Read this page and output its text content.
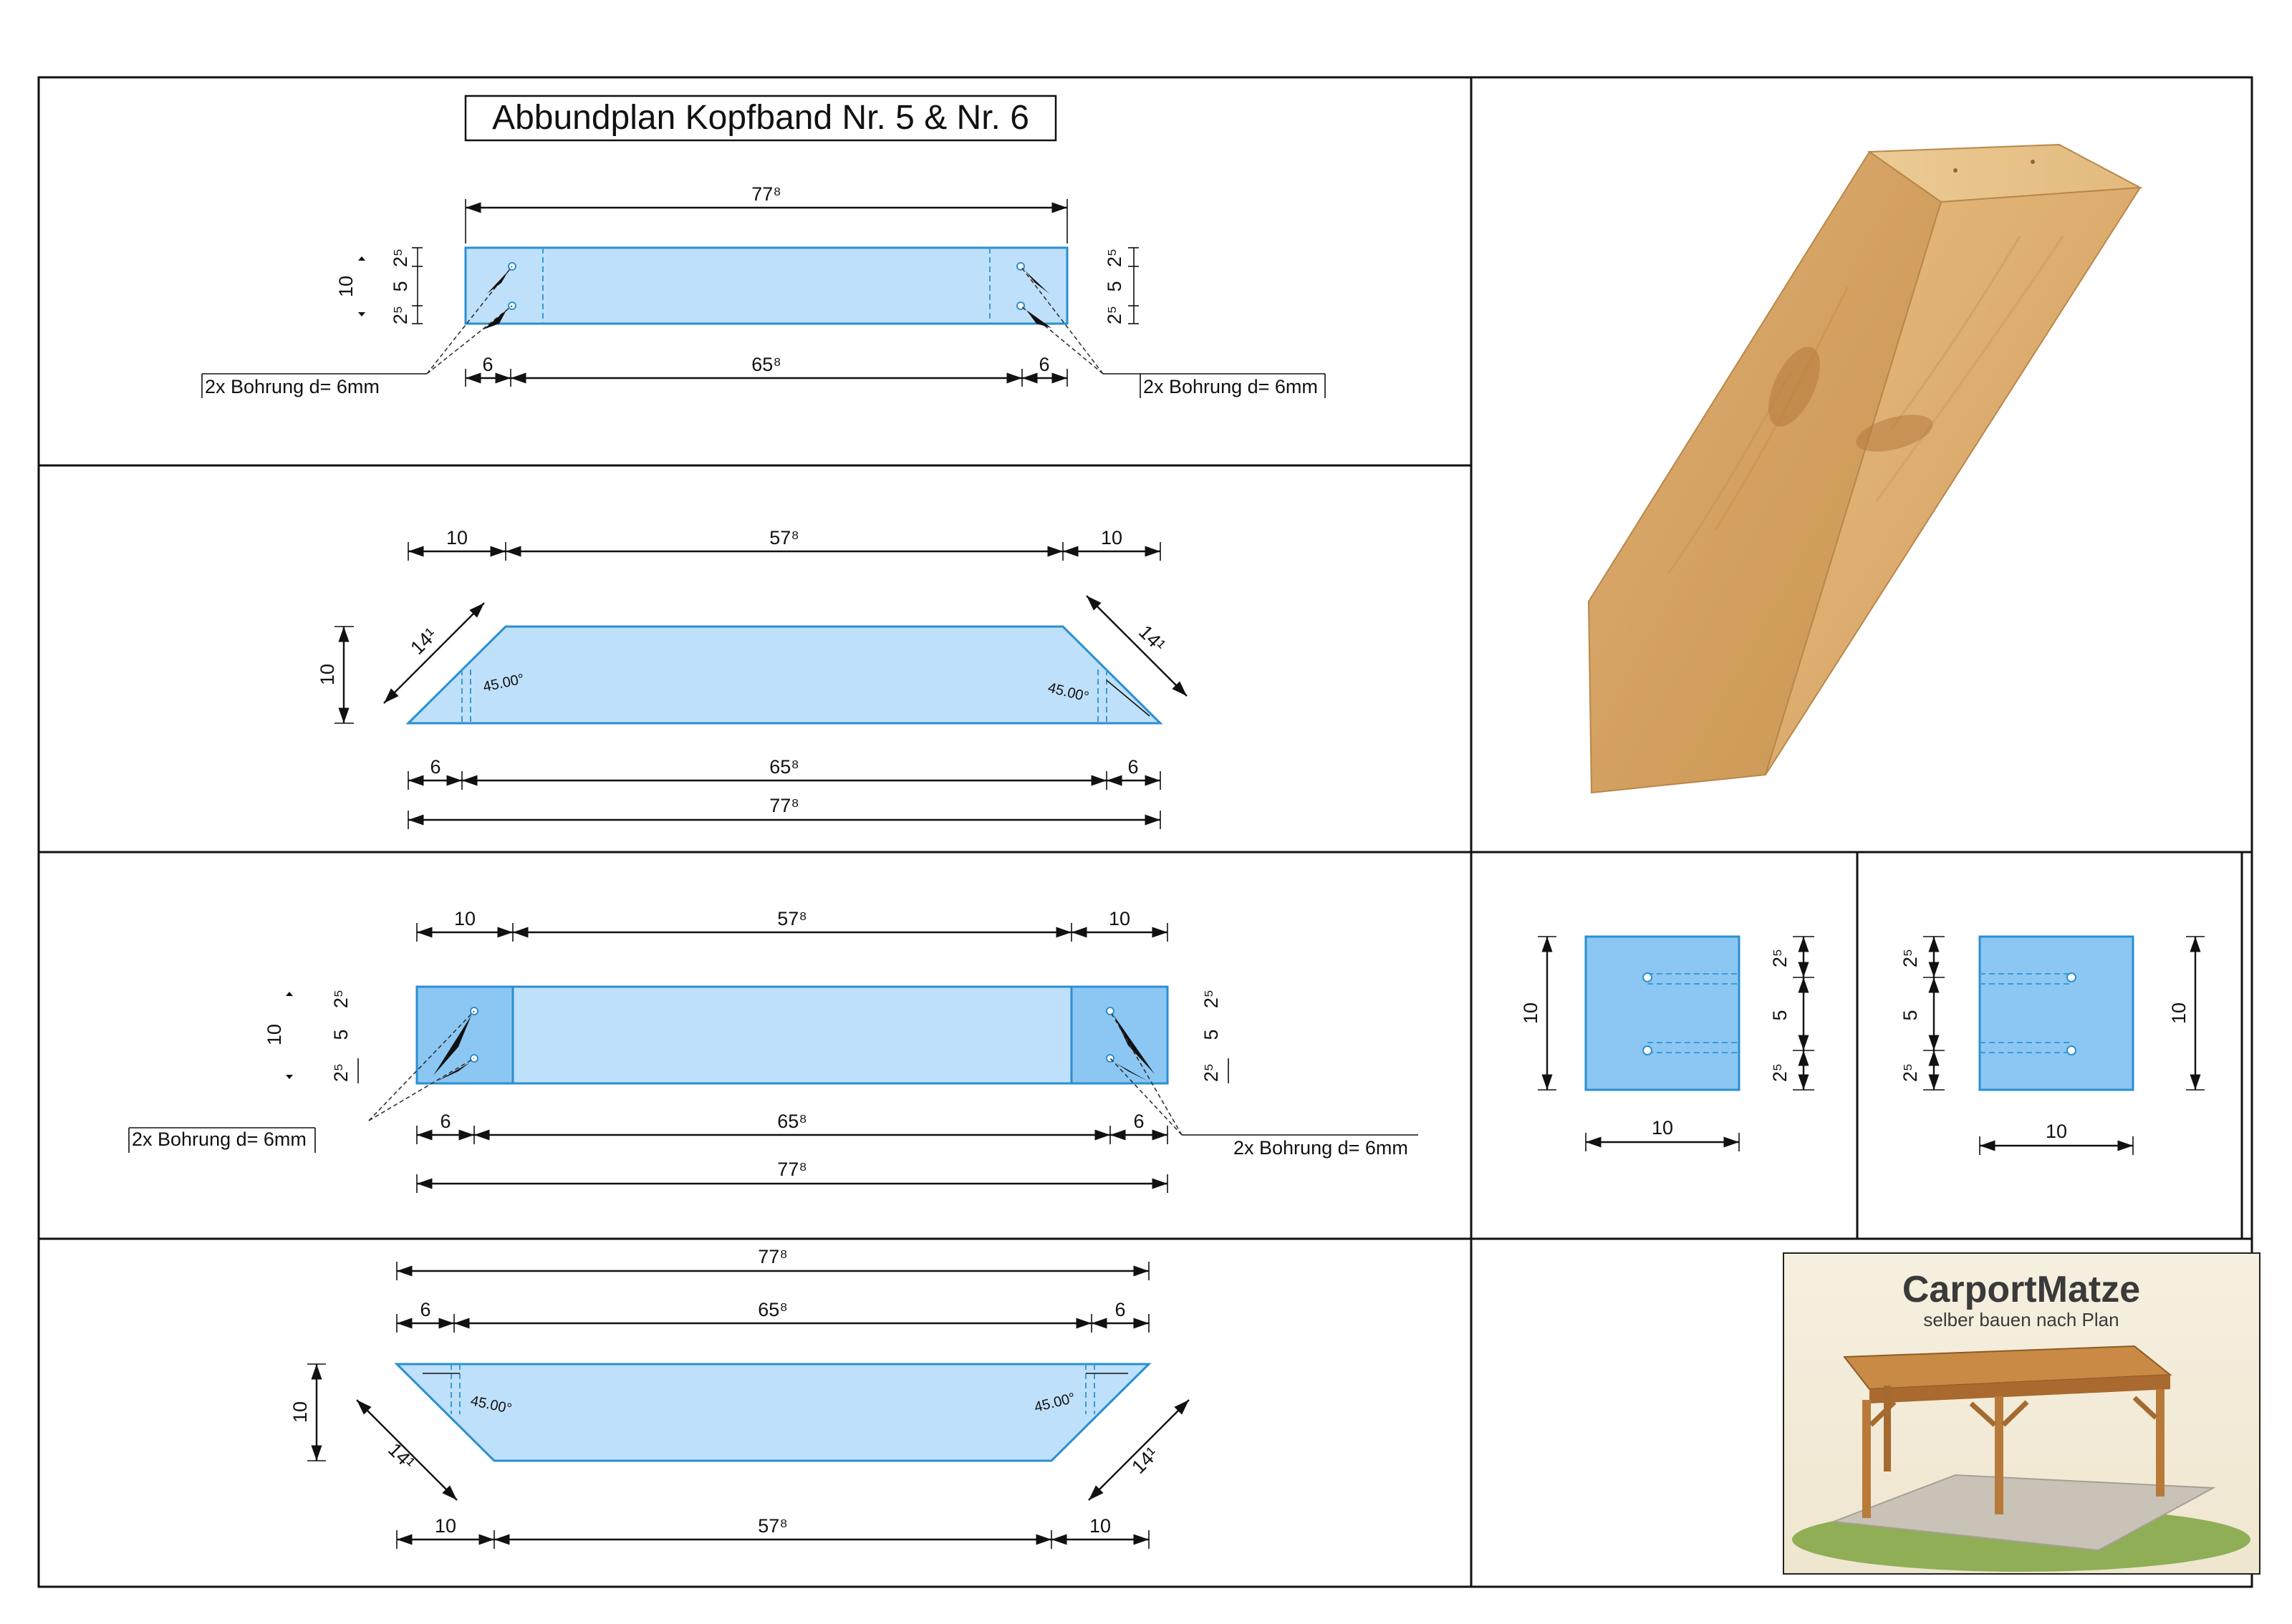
Abbundplan Kopfband Nr. 5 & Nr. 6
77⁸
10
2⁵
5
2⁵
2⁵
5
2⁵
6	65⁸	6
2x Bohrung d= 6mm	2x Bohrung d= 6mm
10	57⁸	10
45.00°	45.00°
10
14¹	14¹
6	65⁸	6
77⁸
10	57⁸	10
10
2⁵
5
2⁵
2⁵
5
2⁵
6	65⁸	6
77⁸
2x Bohrung d= 6mm	2x Bohrung d= 6mm
77⁸
6	65⁸	6
45.00°	45.00°
10
14¹	14¹
10	57⁸	10
10
2⁵
5
2⁵
10
2⁵
5
2⁵
10
10
CarportMatze
selber bauen nach Plan
